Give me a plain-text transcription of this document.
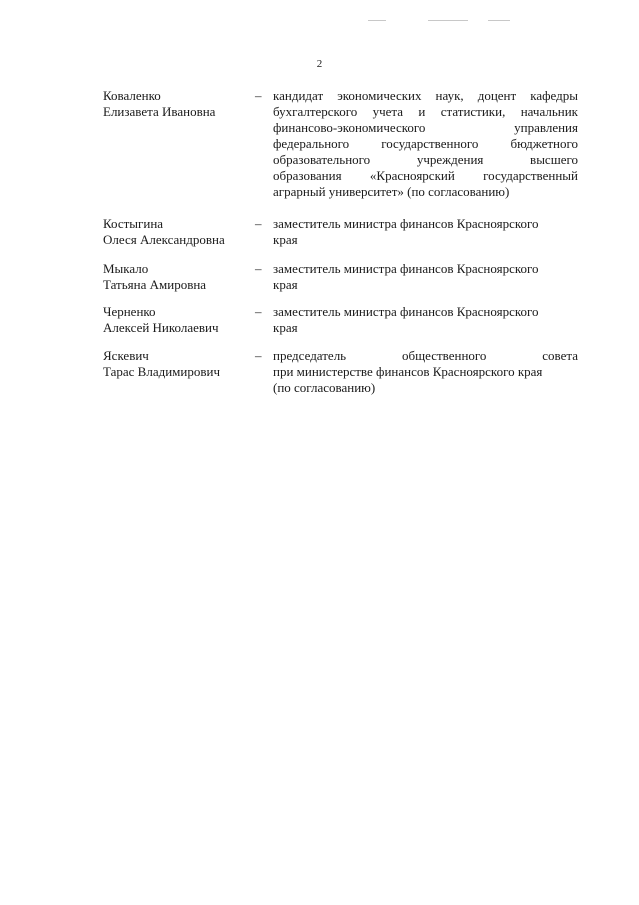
2
Коваленко
Елизавета Ивановна
– кандидат экономических наук, доцент кафедры
бухгалтерского учета и статистики, начальник
финансово-экономического управления
федерального государственного бюджетного
образовательного учреждения высшего
образования «Красноярский государственный
аграрный университет» (по согласованию)
Костыгина
Олеся Александровна
– заместитель министра финансов Красноярского
края
Мыкало
Татьяна Амировна
– заместитель министра финансов Красноярского
края
Черненко
Алексей Николаевич
– заместитель министра финансов Красноярского
края
Яскевич
Тарас Владимирович
– председатель общественного совета
при министерстве финансов Красноярского края
(по согласованию)
